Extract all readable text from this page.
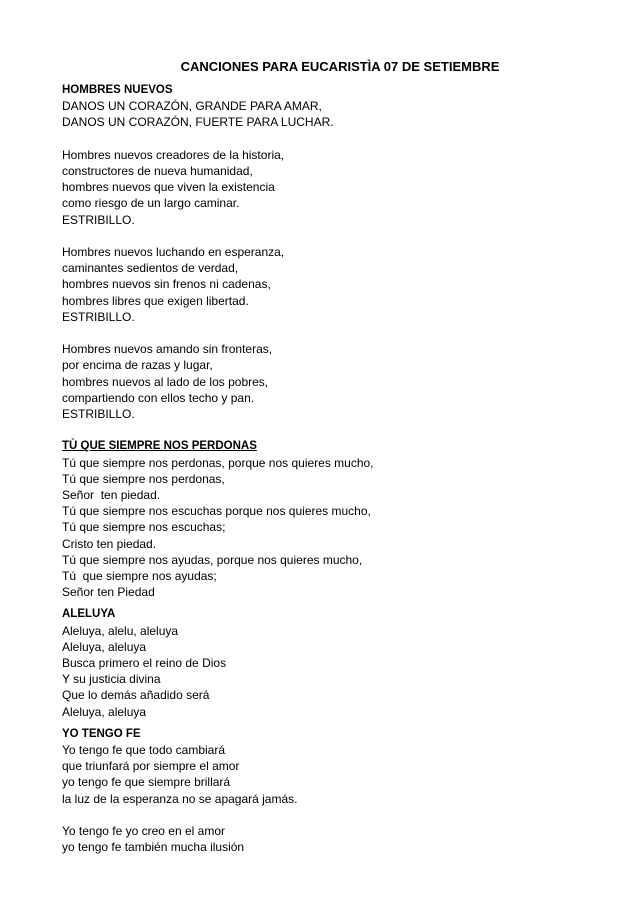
CANCIONES PARA EUCARISTÌA 07 DE SETIEMBRE
HOMBRES NUEVOS
DANOS UN CORAZÓN, GRANDE PARA AMAR,
DANOS UN CORAZÓN, FUERTE PARA LUCHAR.
Hombres nuevos creadores de la historia,
constructores de nueva humanidad,
hombres nuevos que viven la existencia
como riesgo de un largo caminar.
ESTRIBILLO.
Hombres nuevos luchando en esperanza,
caminantes sedientos de verdad,
hombres nuevos sin frenos ni cadenas,
hombres libres que exigen libertad.
ESTRIBILLO.
Hombres nuevos amando sin fronteras,
por encima de razas y lugar,
hombres nuevos al lado de los pobres,
compartiendo con ellos techo y pan.
ESTRIBILLO.
TÙ QUE SIEMPRE NOS PERDONAS
Tú que siempre nos perdonas, porque nos quieres mucho,
Tú que siempre nos perdonas,
Señor  ten piedad.
Tú que siempre nos escuchas porque nos quieres mucho,
Tú que siempre nos escuchas;
Cristo ten piedad.
Tú que siempre nos ayudas, porque nos quieres mucho,
Tú  que siempre nos ayudas;
Señor ten Piedad
ALELUYA
Aleluya, alelu, aleluya
Aleluya, aleluya
Busca primero el reino de Dios
Y su justicia divina
Que lo demás añadido será
Aleluya, aleluya
YO TENGO FE
Yo tengo fe que todo cambiará
que triunfará por siempre el amor
yo tengo fe que siempre brillará
la luz de la esperanza no se apagará jamás.
Yo tengo fe yo creo en el amor
yo tengo fe también mucha ilusión
